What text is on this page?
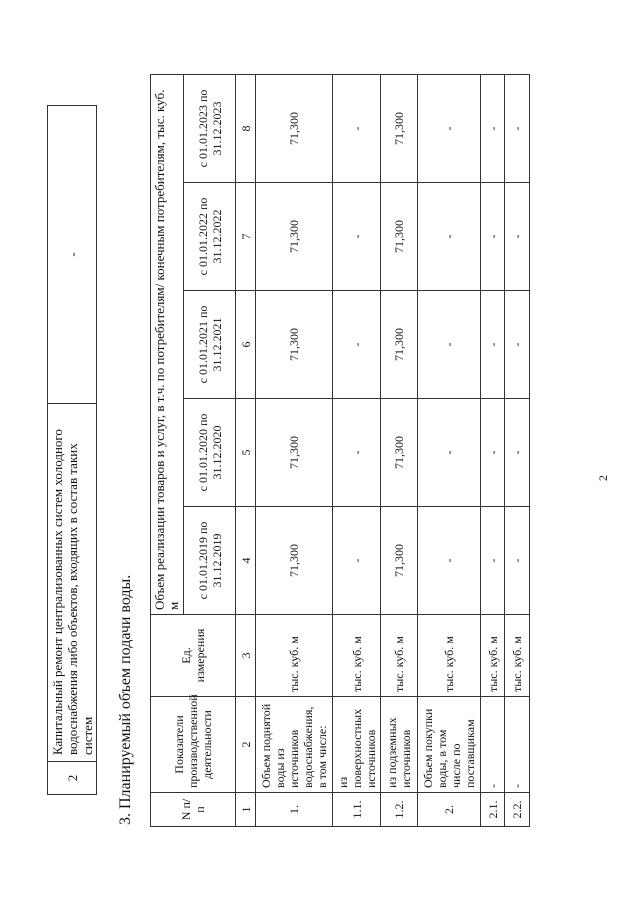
2
2	Капитальный ремонт централизованных систем холодного водоснабжения либо объектов, входящих в состав таких систем	-
3. Планируемый объем подачи воды.	N п/п	Показатели производственной деятельности	Ед. измерения	Объем реализации товаров и услуг, в т.ч. по потребителям/ конечным потребителям, тыс. куб. м				
			с 01.01.2019 по 31.12.2019	с 01.01.2020 по 31.12.2020	с 01.01.2021 по 31.12.2021	с 01.01.2022 по 31.12.2022	с 01.01.2023 по 31.12.2023
1	2	3	4	5	6	7	8
1.	Объем поднятой воды из источников водоснабжения, в том числе:	тыс. куб. м	71,300	71,300	71,300	71,300	71,300
1.1.	из поверхностных источников	тыс. куб. м	-	-	-	-	-
1.2.	из подземных источников	тыс. куб. м	71,300	71,300	71,300	71,300	71,300
2.	Объем покупки воды, в том числе по поставщикам	тыс. куб. м	-	-	-	-	-
2.1.	-	тыс. куб. м	-	-	-	-	-
2.2.	-	тыс. куб. м	-	-	-	-	-
